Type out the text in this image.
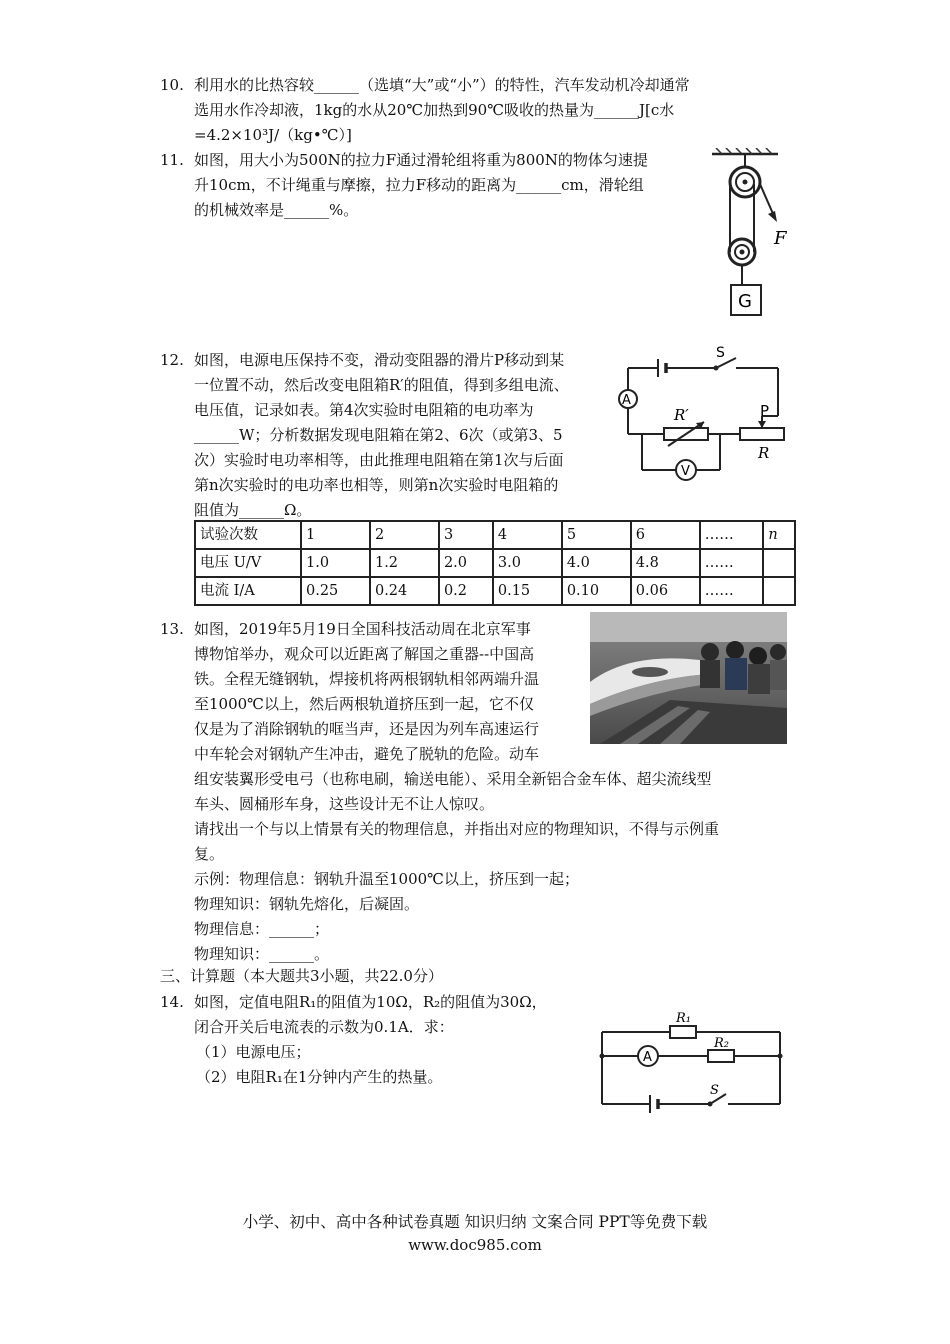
10. 利用水的比热容较______（选填“大”或“小”）的特性，汽车发动机冷却通常
选用水作冷却液，1kg的水从20℃加热到90℃吸收的热量为______J[c水
=4.2×10³J/（kg•℃）]
11. 如图，用大小为500N的拉力F通过滑轮组将重为800N的物体匀速提
升10cm，不计绳重与摩擦，拉力F移动的距离为______cm，滑轮组
的机械效率是______%。
F
G
12. 如图，电源电压保持不变，滑动变阻器的滑片P移动到某
一位置不动，然后改变电阻箱R′的阻值，得到多组电流、
电压值，记录如表。第4次实验时电阻箱的电功率为
______W；分析数据发现电阻箱在第2、6次（或第3、5
次）实验时电功率相等，由此推理电阻箱在第1次与后面
第n次实验时的电功率也相等，则第n次实验时电阻箱的
阻值为______Ω。
A
V
S
R′	P
R
试验次数	1	2	3	4	5	6	……	n
电压 U/V	1.0	1.2	2.0	3.0	4.0	4.8	……	
电流 I/A	0.25	0.24	0.2	0.15	0.10	0.06	……	
13. 如图，2019年5月19日全国科技活动周在北京军事
博物馆举办，观众可以近距离了解国之重器--中国高
铁。全程无缝钢轨，焊接机将两根钢轨相邻两端升温
至1000℃以上，然后两根轨道挤压到一起，它不仅
仅是为了消除钢轨的哐当声，还是因为列车高速运行
中车轮会对钢轨产生冲击，避免了脱轨的危险。动车
组安装翼形受电弓（也称电刷，输送电能）、采用全新铝合金车体、超尖流线型
车头、圆桶形车身，这些设计无不让人惊叹。
请找出一个与以上情景有关的物理信息，并指出对应的物理知识，不得与示例重
复。
示例：物理信息：钢轨升温至1000℃以上，挤压到一起；
物理知识：钢轨先熔化，后凝固。
物理信息：______；
物理知识：______。
三、计算题（本大题共3小题，共22.0分）
14. 如图，定值电阻R₁的阻值为10Ω，R₂的阻值为30Ω，
闭合开关后电流表的示数为0.1A．求：
（1）电源电压；
（2）电阻R₁在1分钟内产生的热量。
A
R₁
R₂
S
小学、初中、高中各种试卷真题 知识归纳 文案合同 PPT等免费下载
www.doc985.com
